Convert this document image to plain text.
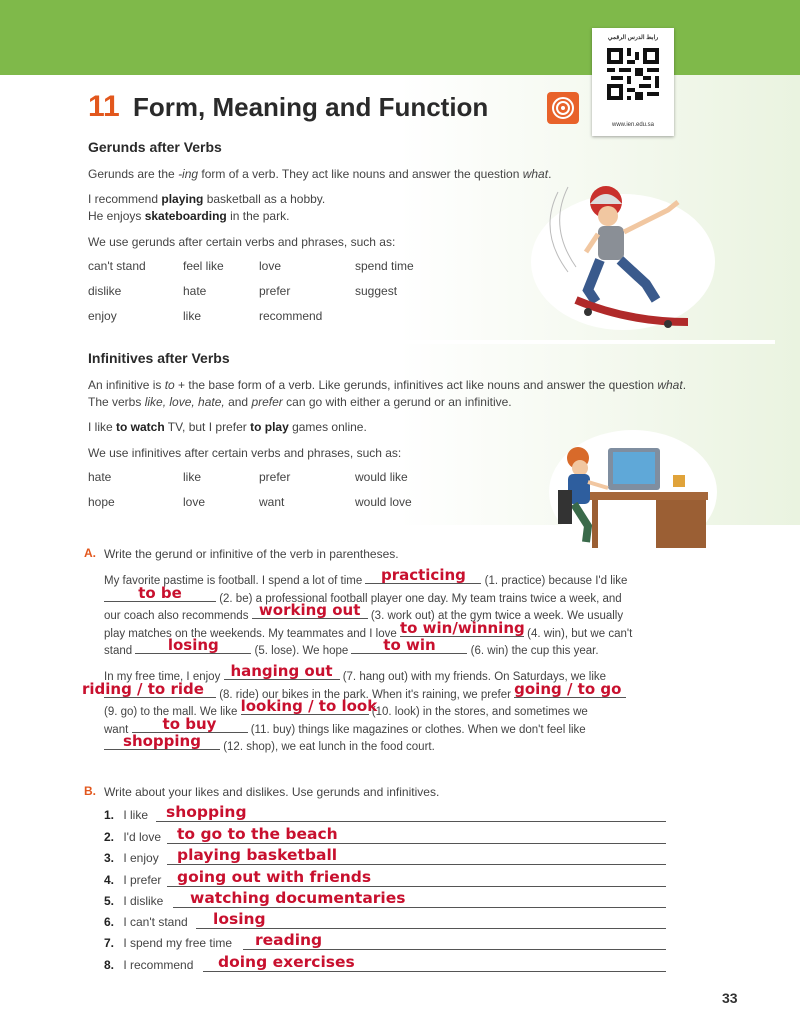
رابط الدرس الرقمي
www.ien.edu.sa
11 Form, Meaning and Function
Gerunds after Verbs
Gerunds are the -ing form of a verb. They act like nouns and answer the question what.
I recommend playing basketball as a hobby.
He enjoys skateboarding in the park.
We use gerunds after certain verbs and phrases, such as:
can't stand	feel like	love	spend time
dislike	hate	prefer	suggest
enjoy	like	recommend
Infinitives after Verbs
An infinitive is to + the base form of a verb. Like gerunds, infinitives act like nouns and answer the question what.
The verbs like, love, hate, and prefer can go with either a gerund or an infinitive.
I like to watch TV, but I prefer to play games online.
We use infinitives after certain verbs and phrases, such as:
hate	like	prefer	would like
hope	love	want	would love
A. Write the gerund or infinitive of the verb in parentheses.
My favorite pastime is football. I spend a lot of time	practicing	(1. practice) because I'd like
to be	(2. be) a professional football player one day. My team trains twice a week, and
our coach also recommends working out (3. work out) at the gym twice a week. We usually
play matches on the weekends. My teammates and I love to win/winning (4. win), but we can't
stand	losing	(5. lose). We hope	to win	(6. win) the cup this year.
In my free time, I enjoy hanging out (7. hang out) with my friends. On Saturdays, we like
riding / to ride (8. ride) our bikes in the park. When it's raining, we prefer going / to go
(9. go) to the mall. We like looking / to look
(10. look) in the stores, and sometimes we
want	to buy	(11. buy) things like magazines or clothes. When we don't feel like
shopping	(12. shop), we eat lunch in the food court.
B. Write about your likes and dislikes. Use gerunds and infinitives.
1. I like shopping
2. I'd love to go to the beach
3. I enjoy playing basketball
4. I prefer going out with friends
5. I dislike watching documentaries
6. I can't stand losing
7. I spend my free time reading
8. I recommend doing exercises
33
